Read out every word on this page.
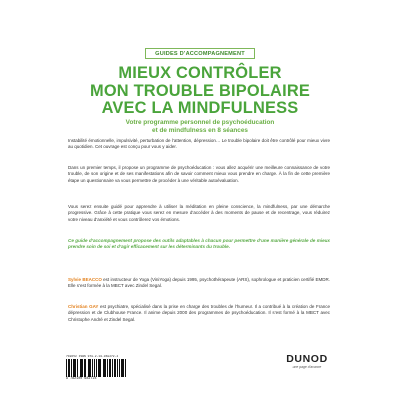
GUIDES D’ACCOMPAGNEMENT
MIEUX CONTRÔLER
MON TROUBLE BIPOLAIRE
AVEC LA MINDFULNESS
Votre programme personnel de psychoéducation
et de mindfulness en 8 séances

Instabilité émotionnelle, impulsivité, perturbation de l’attention, dépression… Le trouble bipolaire doit être contrôlé pour mieux vivre au quotidien. Cet ouvrage est conçu pour vous y aider.

Dans un premier temps, il propose un programme de psychoéducation : vous allez acquérir une meilleure connaissance de votre trouble, de son origine et de ses manifestations afin de savoir comment mieux vous prendre en charge. À la fin de cette première étape un questionnaire va vous permettre de procéder à une véritable autoévaluation.

Vous serez ensuite guidé pour apprendre à utiliser la méditation en pleine conscience, la mindfulness, par une démarche progressive. Grâce à cette pratique vous serez en mesure d’accéder à des moments de pause et de recentrage, vous réduirez votre niveau d’anxiété et vous contrôlerez vos émotions.

Ce guide d’accompagnement propose des outils adaptables à chacun pour permettre d’une manière générale de mieux prendre soin de soi et d’agir efficacement sur les déterminants du trouble.

Sylvie BEACCO est instructeur de Yoga (ViniYoga) depuis 1995, psychothérapeute (ARS), sophrologue et praticien certifié EMDR. Elle s’est formée à la MBCT avec Zindel Segal.

Christian GAY est psychiatre, spécialisé dans la prise en charge des troubles de l’humeur. Il a contribué à la création de France dépression et de Clubhouse France. Il anime depuis 2000 des programmes de psychoéducation. Il s’est formé à la MBCT avec Christophe André et Zindel Segal.

798652 ISBN 978-2-10-068272-4
9 782100 682724
DUNOD
une page d’avance
